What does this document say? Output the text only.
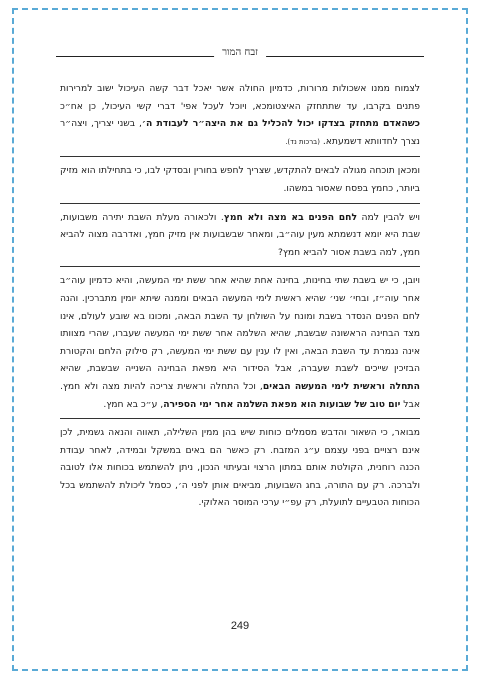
זבח המור

לצמוח ממנו אשכולות מרורות, כדמיון החולה אשר יאכל דבר קשה העיכול ישוב למרירות פתנים בקרבו, עד שתתחזק האיצטומכא, ויוכל לעכל אפי' דברי קשי העיכול, כן אח״כ כשהאדם מתחזק בצדקו יכול להכליל גם את היצה״ר לעבודת ה׳, בשני יצריך, ויצה״ר נצרך לחדוותא דשמעתא. (ברכות נד).

ומכאן תוכחה מגולה לבאים להתקדש, שצריך לחפש בחורין ובסדקי לבו, כי בתחילתו הוא מזיק ביותר, כחמץ בפסח שאסור במשהו.

ויש להבין למה לחם הפנים בא מצה ולא חמץ. ולכאורה מעלת השבת יתירה משבועות, שבת היא יומא דנשמתא מעין עוה״ב, ומאחר שבשבועות אין מזיק חמץ, ואדרבה מצוה להביא חמץ, למה בשבת אסור להביא חמץ?

ויובן, כי יש בשבת שתי בחינות, בחינה אחת שהיא אחר ששת ימי המעשה, והיא כדמיון עוה״ב אחר עוה״ז, ובחי׳ שני׳ שהיא ראשית לימי המעשה הבאים וממנה שיתא יומין מתברכין. והנה לחם הפנים הנסדר בשבת ומונח על השולחן עד השבת הבאה, ומכונו בא שובע לעולם, אינו מצד הבחינה הראשונה שבשבת, שהיא השלמה אחר ששת ימי המעשה שעברו, שהרי מצוותו אינה נגמרת עד השבת הבאה, ואין לו ענין עם ששת ימי המעשה, רק סילוק הלחם והקטורת הבזיכין שייכים לשבת שעברה, אבל הסידור היא מפאת הבחינה השנייה שבשבת, שהיא התחלה וראשית לימי המעשה הבאים, וכל התחלה וראשית צריכה להיות מצה ולא חמץ. אבל יום טוב של שבועות הוא מפאת השלמה אחר ימי הספירה, ע״כ בא חמץ.

מבואר, כי השאור והדבש מסמלים כוחות שיש בהן ממין השלילה, תאווה והנאה גשמית, לכן אינם רצויים בפני עצמם ע״ג המזבח. רק כאשר הם באים במשקל ובמידה, לאחר עבודת הכנה רוחנית, הקולטת אותם במתון הרצוי ובעיתוי הנכון, ניתן להשתמש בכוחות אלו לטובה ולברכה. רק עם התורה, בחג השבועות, מביאים אותן לפני ה׳, כסמל ליכולת להשתמש בכל הכוחות הטבעיים לתועלת, רק עפ״י ערכי המוסר האלוקי.

249
